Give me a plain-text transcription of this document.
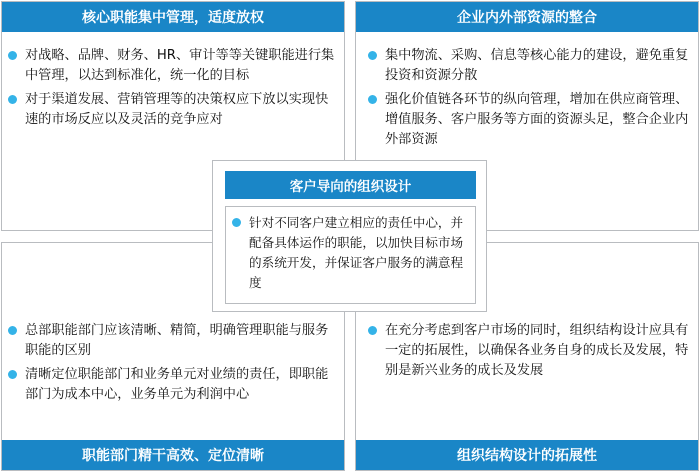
核心职能集中管理，适度放权
对战略、品牌、财务、HR、审计等等关键职能进行集中管理，以达到标准化，统一化的目标
对于渠道发展、营销管理等的决策权应下放以实现快速的市场反应以及灵活的竞争应对
企业内外部资源的整合
集中物流、采购、信息等核心能力的建设，避免重复投资和资源分散
强化价值链各环节的纵向管理，增加在供应商管理、增值服务、客户服务等方面的资源头足，整合企业内外部资源
总部职能部门应该清晰、精简，明确管理职能与服务职能的区别
清晰定位职能部门和业务单元对业绩的责任，即职能部门为成本中心，业务单元为利润中心
职能部门精干高效、定位清晰
在充分考虑到客户市场的同时，组织结构设计应具有一定的拓展性，以确保各业务自身的成长及发展，特别是新兴业务的成长及发展
组织结构设计的拓展性
客户导向的组织设计
针对不同客户建立相应的责任中心，并配备具体运作的职能，以加快目标市场的系统开发，并保证客户服务的满意程度
